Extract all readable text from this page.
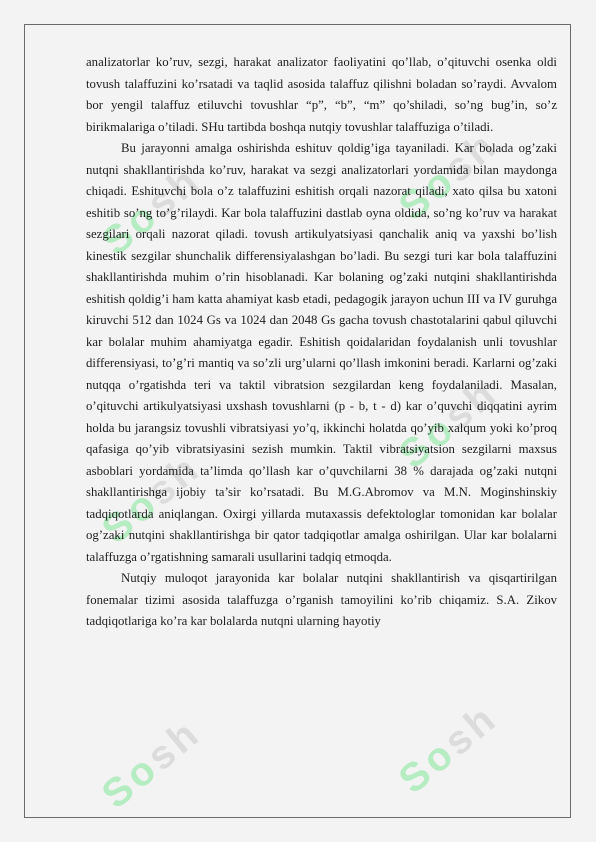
Sosh	Sosh
Sosh
Sosh
Sosh	Sosh

analizatorlar ko’ruv, sezgi, harakat analizator faoliyatini qo’llab, o’qituvchi osenka oldi tovush talaffuzini ko’rsatadi va taqlid asosida talaffuz qilishni boladan so’raydi. Avvalom bor yengil talaffuz etiluvchi tovushlar “p”, “b”, “m” qo’shiladi, so’ng bug’in, so’z birikmalariga o’tiladi. SHu tartibda boshqa nutqiy tovushlar talaffuziga o’tiladi.

Bu jarayonni amalga oshirishda eshituv qoldig’iga tayaniladi. Kar bolada og’zaki nutqni shakllantirishda ko’ruv, harakat va sezgi analizatorlari yordamida bilan maydonga chiqadi. Eshituvchi bola o’z talaffuzini eshitish orqali nazorat qiladi, xato qilsa bu xatoni eshitib so’ng to’g’rilaydi. Kar bola talaffuzini dastlab oyna oldida, so’ng ko’ruv va harakat sezgilari orqali nazorat qiladi. tovush artikulyatsiyasi qanchalik aniq va yaxshi bo’lish kinestik sezgilar shunchalik differensiyalashgan bo’ladi. Bu sezgi turi kar bola talaffuzini shakllantirishda muhim o’rin hisoblanadi. Kar bolaning og’zaki nutqini shakllantirishda eshitish qoldig’i ham katta ahamiyat kasb etadi, pedagogik jarayon uchun III va IV guruhga kiruvchi 512 dan 1024 Gs va 1024 dan 2048 Gs gacha tovush chastotalarini qabul qiluvchi kar bolalar muhim ahamiyatga egadir. Eshitish qoidalaridan foydalanish unli tovushlar differensiyasi, to’g’ri mantiq va so’zli urg’ularni qo’llash imkonini beradi. Karlarni og’zaki nutqqa o’rgatishda teri va taktil vibratsion sezgilardan keng foydalaniladi. Masalan, o’qituvchi artikulyatsiyasi uxshash tovushlarni (p - b, t - d) kar o’quvchi diqqatini ayrim holda bu jarangsiz tovushli vibratsiyasi yo’q, ikkinchi holatda qo’yib xalqum yoki ko’proq qafasiga qo’yib vibratsiyasini sezish mumkin. Taktil vibratsiyatsion sezgilarni maxsus asboblari yordamida ta’limda qo’llash kar o’quvchilarni 38 % darajada og’zaki nutqni shakllantirishga ijobiy ta’sir ko’rsatadi. Bu M.G.Abromov va M.N. Moginshinskiy tadqiqotlarda aniqlangan. Oxirgi yillarda mutaxassis defektologlar tomonidan kar bolalar og’zaki nutqini shakllantirishga bir qator tadqiqotlar amalga oshirilgan. Ular kar bolalarni talaffuzga o’rgatishning samarali usullarini tadqiq etmoqda.

Nutqiy muloqot jarayonida kar bolalar nutqini shakllantirish va qisqartirilgan fonemalar tizimi asosida talaffuzga o’rganish tamoyilini ko’rib chiqamiz. S.A. Zikov tadqiqotlariga ko’ra kar bolalarda nutqni ularning hayotiy
